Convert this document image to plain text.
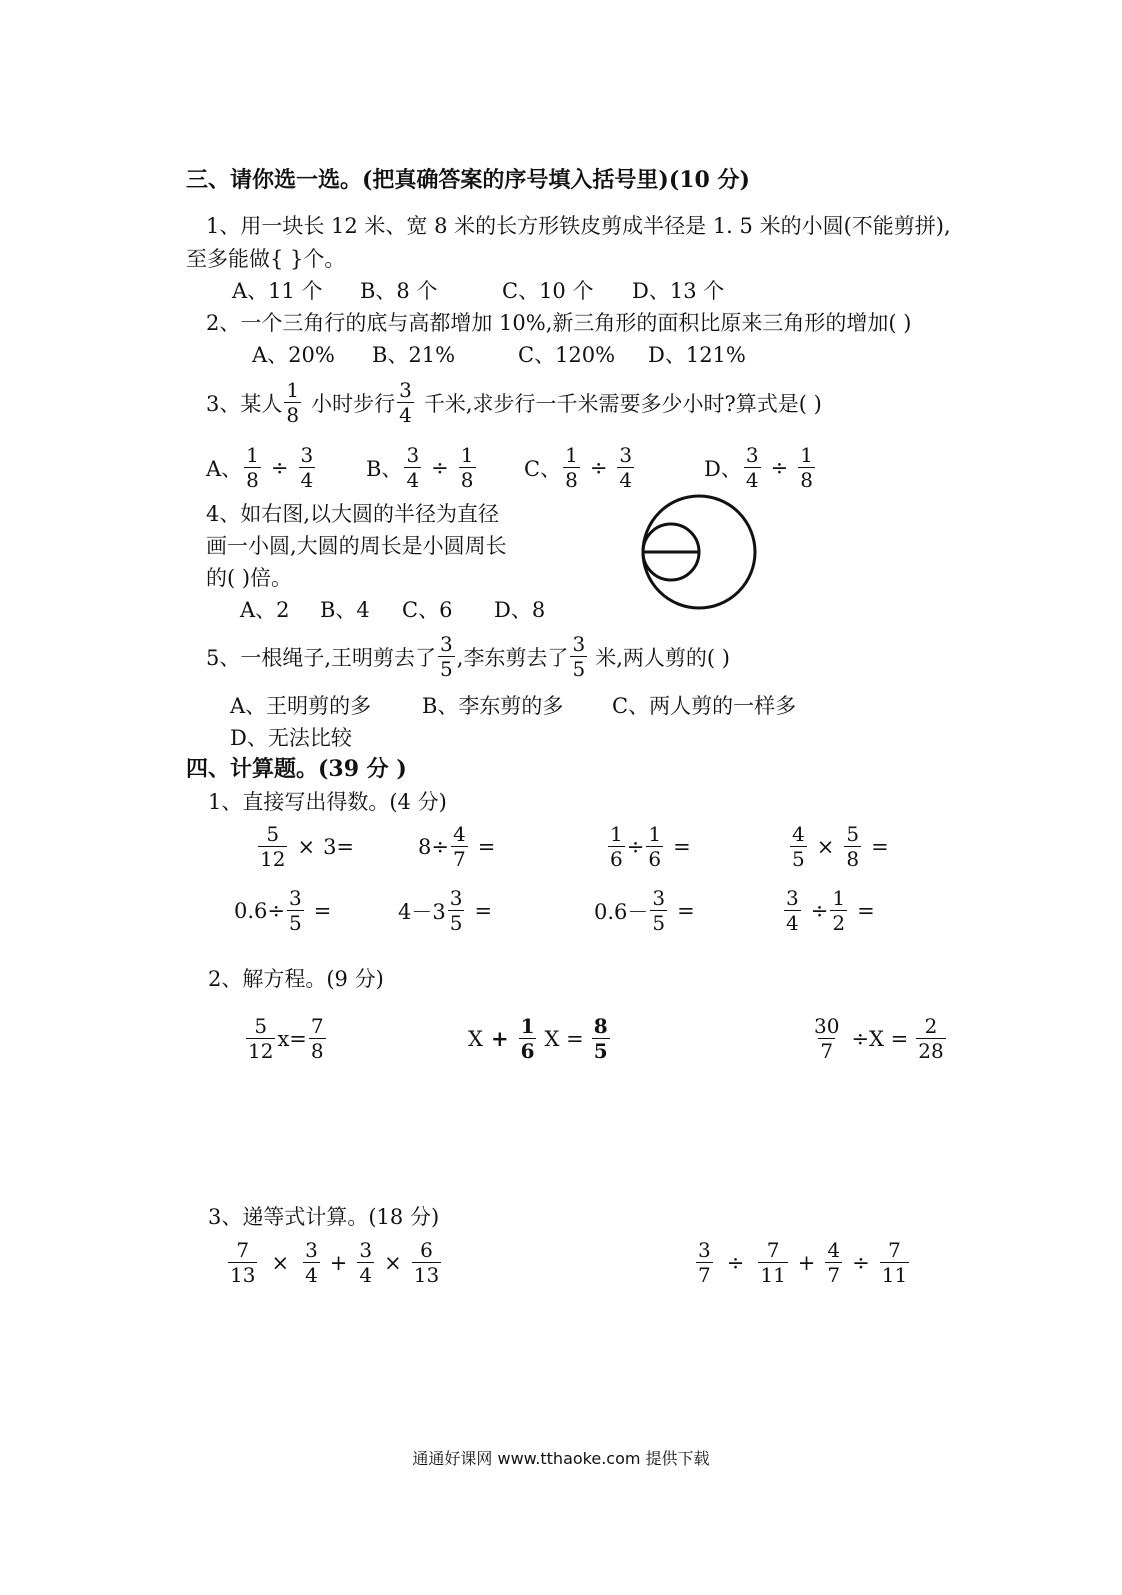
三、请你选一选。(把真确答案的序号填入括号里)(10 分)
1、用一块长 12 米、宽 8 米的长方形铁皮剪成半径是 1. 5 米的小圆(不能剪拼),
至多能做{ }个。
A、11 个 B、8 个	C、10 个 D、13 个
2、一个三角行的底与高都增加 10%,新三角形的面积比原来三角形的增加( )
A、20% B、21%	C、120% D、121%
3、某人 $\frac{1}{8}$ 小时步行 $\frac{3}{4}$ 千米,求步行一千米需要多少小时?算式是( )
A、 $\frac{1}{8} \div \frac{3}{4}$ B、 $\frac{3}{4} \div \frac{1}{8}$ C、 $\frac{1}{8} \div \frac{3}{4}$	D、 $\frac{3}{4} \div \frac{1}{8}$
4、如右图,以大圆的半径为直径
画一小圆,大圆的周长是小圆周长
的( )倍。
A、2 B、4 C、6 D、8
5、一根绳子,王明剪去了 $\frac{3}{5}$ ,李东剪去了 $\frac{3}{5}$ 米,两人剪的( )
A、王明剪的多 B、李东剪的多 C、两人剪的一样多
D、无法比较
四、计算题。(39 分 )
1、直接写出得数。(4 分)
$\frac{5}{12} \times 3=$	$8\div \frac{4}{7}$ =	$\frac{1}{6} \div \frac{1}{6}$ =	$\frac{4}{5} \times \frac{5}{8}$ =
$0.6\div \frac{3}{5}$ =	$4-3 \frac{3}{5}$ =	$0.6- \frac{3}{5}$ =	$\frac{3}{4} \div \frac{1}{2}$ =
2、解方程。(9 分)
$\frac{5}{12} x= \frac{7}{8}$	$X + \frac{1}{6}$ $X = \frac{8}{5}$	$\frac{30}{7} \div X = \frac{2}{28}$
3、递等式计算。(18 分)
$\frac{7}{13} \times \frac{3}{4} + \frac{3}{4} \times \frac{6}{13}$	$\frac{3}{7} \div \frac{7}{11} + \frac{4}{7} \div \frac{7}{11}$
通通好课网 www.tthaoke.com 提供下载
